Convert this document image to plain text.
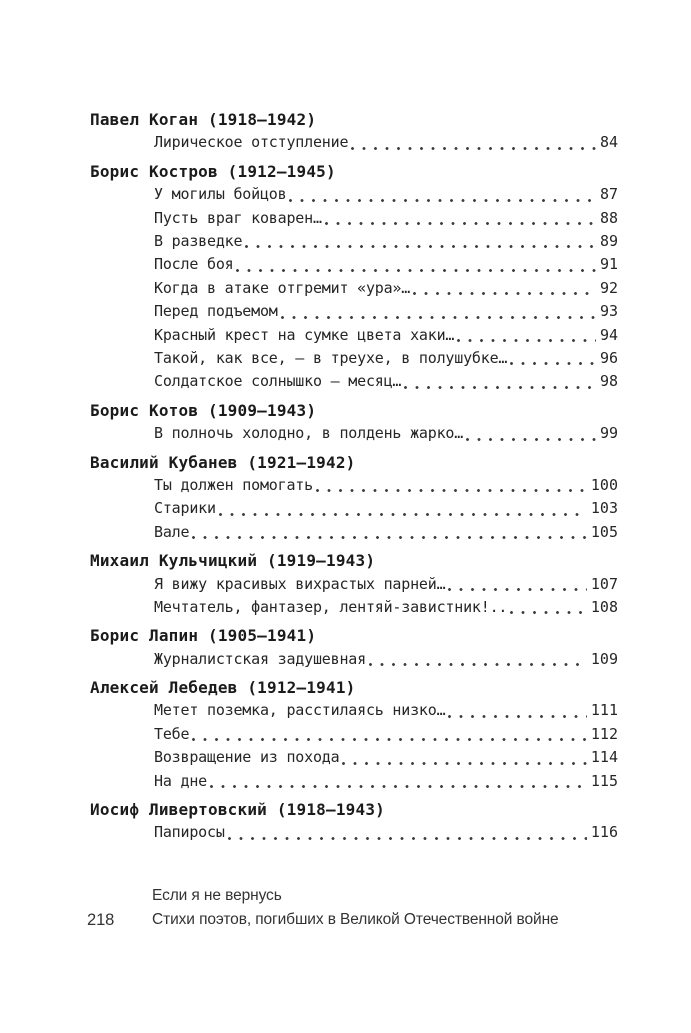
Павел Коган (1918–1942)
Лирическое отступление	84
Борис Костров (1912–1945)
У могилы бойцов	87
Пусть враг коварен…	88
В разведке	89
После боя	91
Когда в атаке отгремит «ура»…	92
Перед подъемом	93
Красный крест на сумке цвета хаки…	94
Такой, как все, — в треухе, в полушубке…	96
Солдатское солнышко — месяц…	98
Борис Котов (1909–1943)
В полночь холодно, в полдень жарко…	99
Василий Кубанев (1921–1942)
Ты должен помогать	100
Старики	103
Вале	105
Михаил Кульчицкий (1919–1943)
Я вижу красивых вихрастых парней…	107
Мечтатель, фантазер, лентяй-завистник!..	108
Борис Лапин (1905–1941)
Журналистская задушевная	109
Алексей Лебедев (1912–1941)
Метет поземка, расстилаясь низко…	111
Тебе	112
Возвращение из похода	114
На дне	115
Иосиф Ливертовский (1918–1943)
Папиросы	116
Если я не вернусь
218	Стихи поэтов, погибших в Великой Отечественной войне
